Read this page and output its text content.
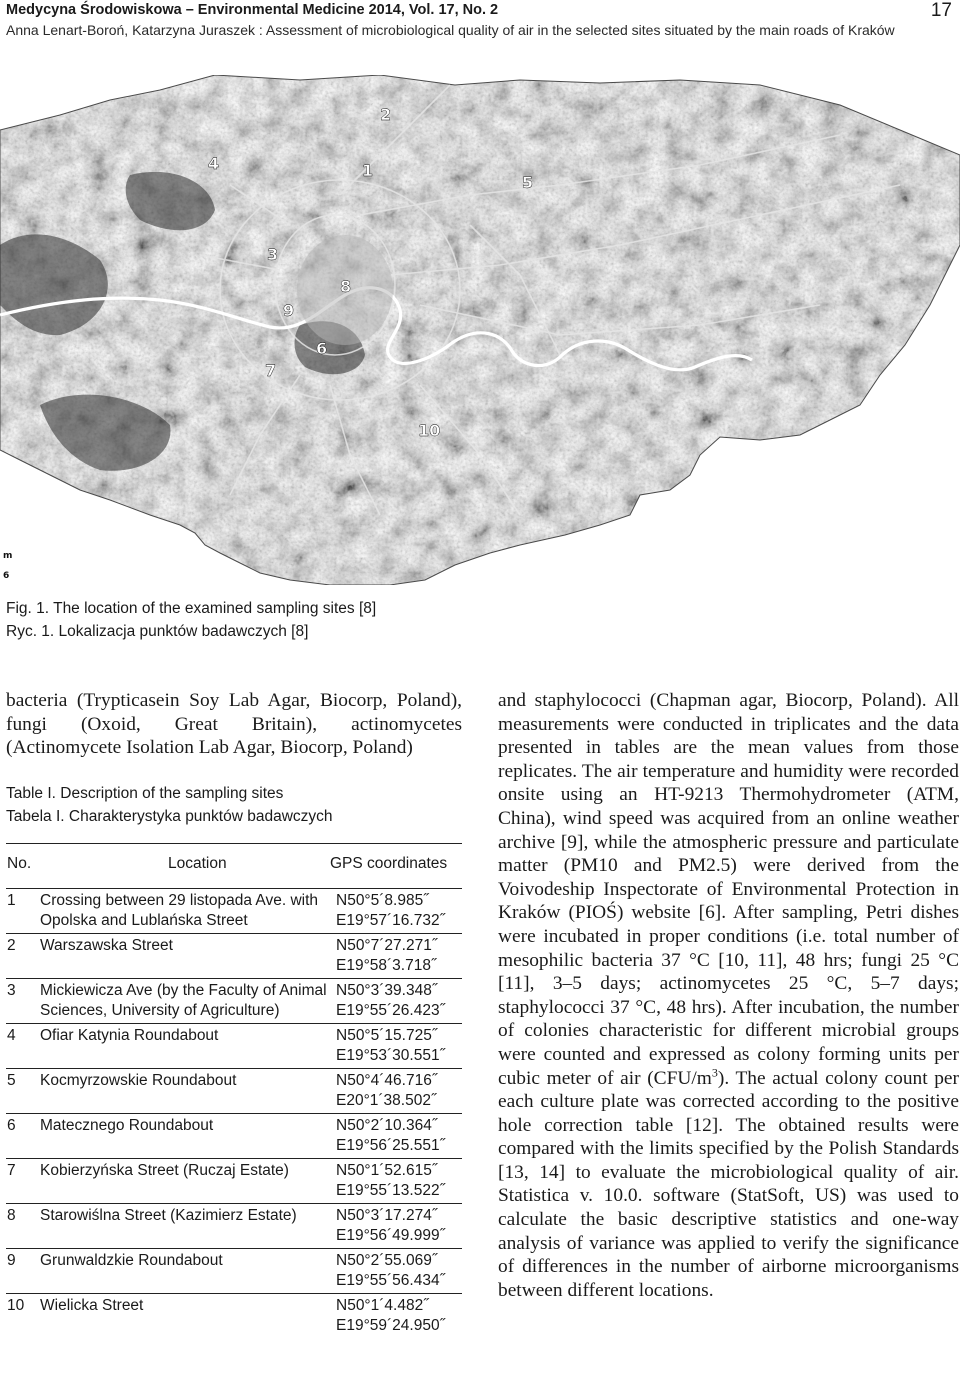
Medycyna Środowiskowa – Environmental Medicine 2014, Vol. 17, No. 2
Anna Lenart-Boroń, Katarzyna Juraszek : Assessment of microbiological quality of air in the selected sites situated by the main roads of Kraków
17
1
2
3
4
5
6
7
8
9
10
m
6
Fig. 1. The location of the examined sampling sites [8]
Ryc. 1. Lokalizacja punktów badawczych [8]

bacteria (Trypticasein Soy Lab Agar, Biocorp, Poland), fungi (Oxoid, Great Britain), actinomycetes (Actinomycete Isolation Lab Agar, Biocorp, Poland)

Table I. Description of the sampling sites
Tabela I. Charakterystyka punktów badawczych
No.	Location	GPS coordinates
1	Crossing between 29 listopada Ave. with Opolska and Lublańska Street
N50°5´8.985˝
E19°57´16.732˝
2	Warszawska Street	N50°7´27.271˝
E19°58´3.718˝
3	Mickiewicza Ave (by the Faculty of Animal Sciences, University of Agriculture)
N50°3´39.348˝
E19°55´26.423˝
4	Ofiar Katynia Roundabout	N50°5´15.725˝
E19°53´30.551˝
5	Kocmyrzowskie Roundabout	N50°4´46.716˝
E20°1´38.502˝
6	Matecznego Roundabout	N50°2´10.364˝
E19°56´25.551˝
7	Kobierzyńska Street (Ruczaj Estate)	N50°1´52.615˝
E19°55´13.522˝
8	Starowiślna Street (Kazimierz Estate)	N50°3´17.274˝
E19°56´49.999˝
9	Grunwaldzkie Roundabout	N50°2´55.069˝
E19°55´56.434˝
10	Wielicka Street	N50°1´4.482˝
E19°59´24.950˝

and staphylococci (Chapman agar, Biocorp, Poland). All measurements were conducted in triplicates and the data presented in tables are the mean values from those replicates. The air temperature and humidity were recorded onsite using an HT-9213 Thermohydrometer (ATM, China), wind speed was acquired from an online weather archive [9], while the atmospheric pressure and particulate matter (PM10 and PM2.5) were derived from the Voivodeship Inspectorate of Environmental Protection in Kraków (PIOŚ) website [6]. After sampling, Petri dishes were incubated in proper conditions (i.e. total number of mesophilic bacteria 37 °C [10, 11], 48 hrs; fungi 25 °C [11], 3–5 days; actinomycetes 25 °C, 5–7 days; staphylococci 37 °C, 48 hrs). After incubation, the number of colonies characteristic for different microbial groups were counted and expressed as colony forming units per cubic meter of air $(CFU/m^3)$. The actual colony count per each culture plate was corrected according to the positive hole correction table [12]. The obtained results were compared with the limits specified by the Polish Standards [13, 14] to evaluate the microbiological quality of air. Statistica v. 10.0. software (StatSoft, US) was used to calculate the basic descriptive statistics and one-way analysis of variance was applied to verify the significance of differences in the number of airborne microorganisms between different locations.
